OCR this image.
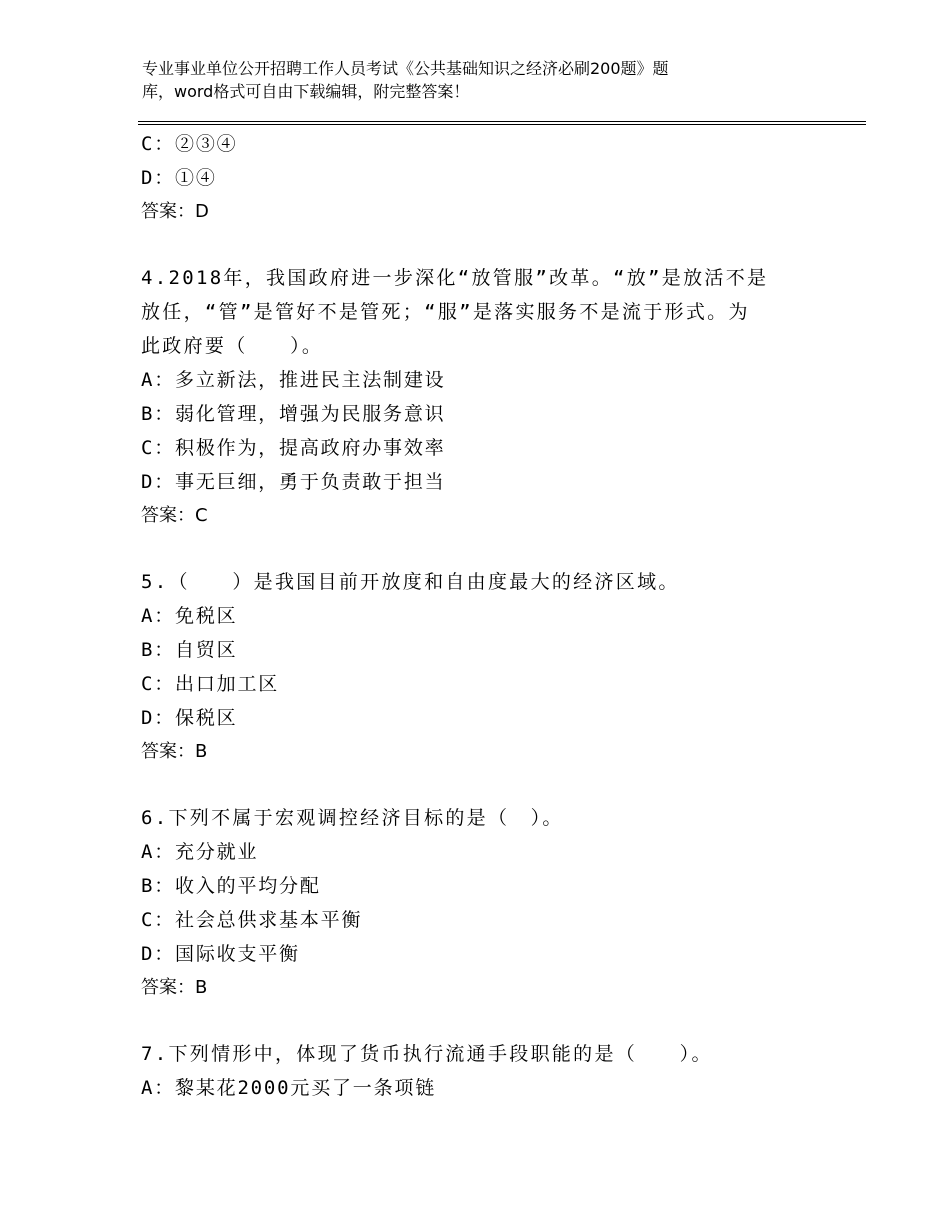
专业事业单位公开招聘工作人员考试《公共基础知识之经济必刷200题》题
库，word格式可自由下载编辑，附完整答案！
C：②③④
D：①④
答案：D
4.2018年，我国政府进一步深化“放管服”改革。“放”是放活不是
放任，“管”是管好不是管死；“服”是落实服务不是流于形式。为
此政府要（　　）。
A：多立新法，推进民主法制建设
B：弱化管理，增强为民服务意识
C：积极作为，提高政府办事效率
D：事无巨细，勇于负责敢于担当
答案：C
5.（　　）是我国目前开放度和自由度最大的经济区域。
A：免税区
B：自贸区
C：出口加工区
D：保税区
答案：B
6.下列不属于宏观调控经济目标的是（　）。
A：充分就业
B：收入的平均分配
C：社会总供求基本平衡
D：国际收支平衡
答案：B
7.下列情形中，体现了货币执行流通手段职能的是（　　）。
A：黎某花2000元买了一条项链
